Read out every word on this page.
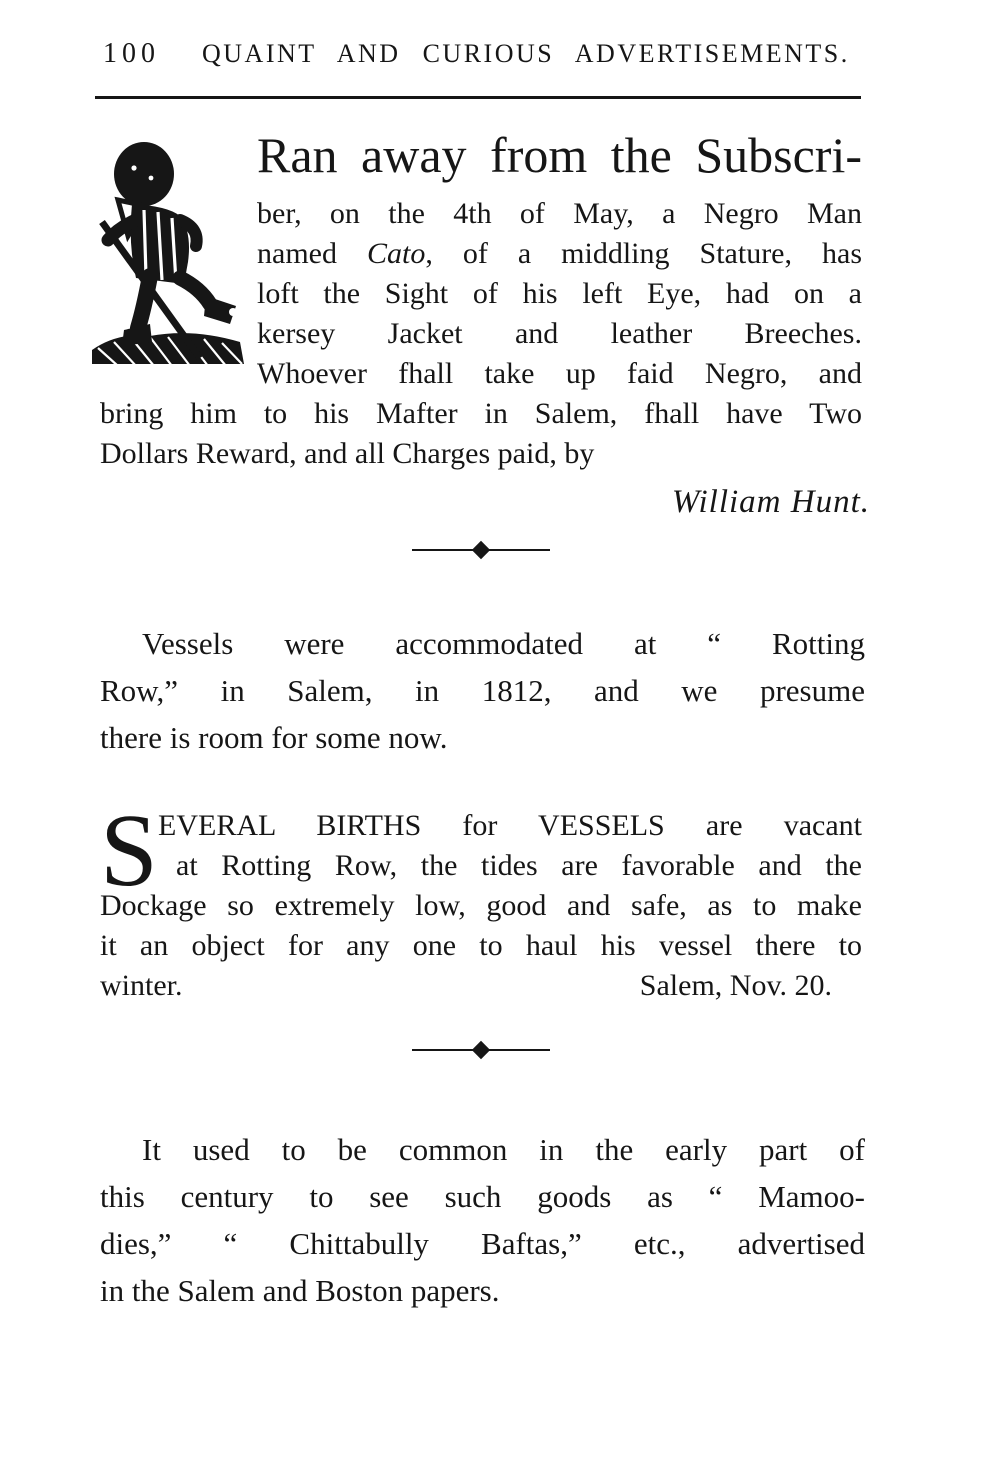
100 QUAINT AND CURIOUS ADVERTISEMENTS.
Ran away from the Subscri-
ber, on the 4th of May, a Negro Man
named Cato, of a middling Stature, has
loft the Sight of his left Eye, had on a
kersey Jacket and leather Breeches.
Whoever fhall take up faid Negro, and
bring him to his Mafter in Salem, fhall have Two
Dollars Reward, and all Charges paid, by
William Hunt.
Vessels were accommodated at “ Rotting
Row,” in Salem, in 1812, and we presume
there is room for some now.
S EVERAL BIRTHS for VESSELS are vacant
at Rotting Row, the tides are favorable and the
Dockage so extremely low, good and safe, as to make
it an object for any one to haul his vessel there to
winter.	Salem, Nov. 20.
It used to be common in the early part of
this century to see such goods as “ Mamoo-
dies,” “ Chittabully Baftas,” etc., advertised
in the Salem and Boston papers.
